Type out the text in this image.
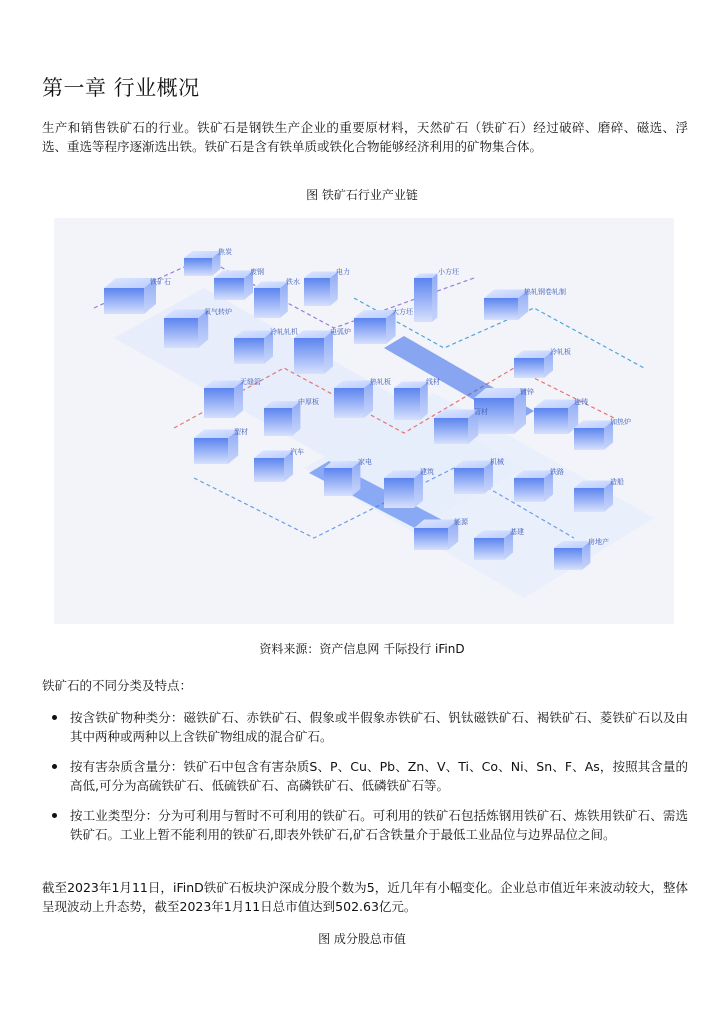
第一章 行业概况

生产和销售铁矿石的行业。铁矿石是钢铁生产企业的重要原材料，天然矿石（铁矿石）经过破碎、磨碎、磁选、浮选、重选等程序逐渐选出铁。铁矿石是含有铁单质或铁化合物能够经济利用的矿物集合体。

图 铁矿石行业产业链

铁矿石
焦炭
废钢
铁水
电力
氧气转炉
冷轧轧机	电弧炉
大方坯
小方坯
热轧钢卷轧制
冷轧板
镀锌
连铸
加热炉
无缝管
中厚板
热轧板	线材
管材
型材
汽车
家电
建筑
机械
铁路
造船
能源
基建
房地产

资料来源：资产信息网 千际投行 iFinD

铁矿石的不同分类及特点：

按含铁矿物种类分：磁铁矿石、赤铁矿石、假象或半假象赤铁矿石、钒钛磁铁矿石、褐铁矿石、菱铁矿石以及由其中两种或两种以上含铁矿物组成的混合矿石。
按有害杂质含量分：铁矿石中包含有害杂质S、P、Cu、Pb、Zn、V、Ti、Co、Ni、Sn、F、As，按照其含量的高低,可分为高硫铁矿石、低硫铁矿石、高磷铁矿石、低磷铁矿石等。
按工业类型分：分为可利用与暂时不可利用的铁矿石。可利用的铁矿石包括炼钢用铁矿石、炼铁用铁矿石、需选铁矿石。工业上暂不能利用的铁矿石,即表外铁矿石,矿石含铁量介于最低工业品位与边界品位之间。

截至2023年1月11日，iFinD铁矿石板块沪深成分股个数为5，近几年有小幅变化。企业总市值近年来波动较大，整体呈现波动上升态势，截至2023年1月11日总市值达到502.63亿元。

图 成分股总市值
